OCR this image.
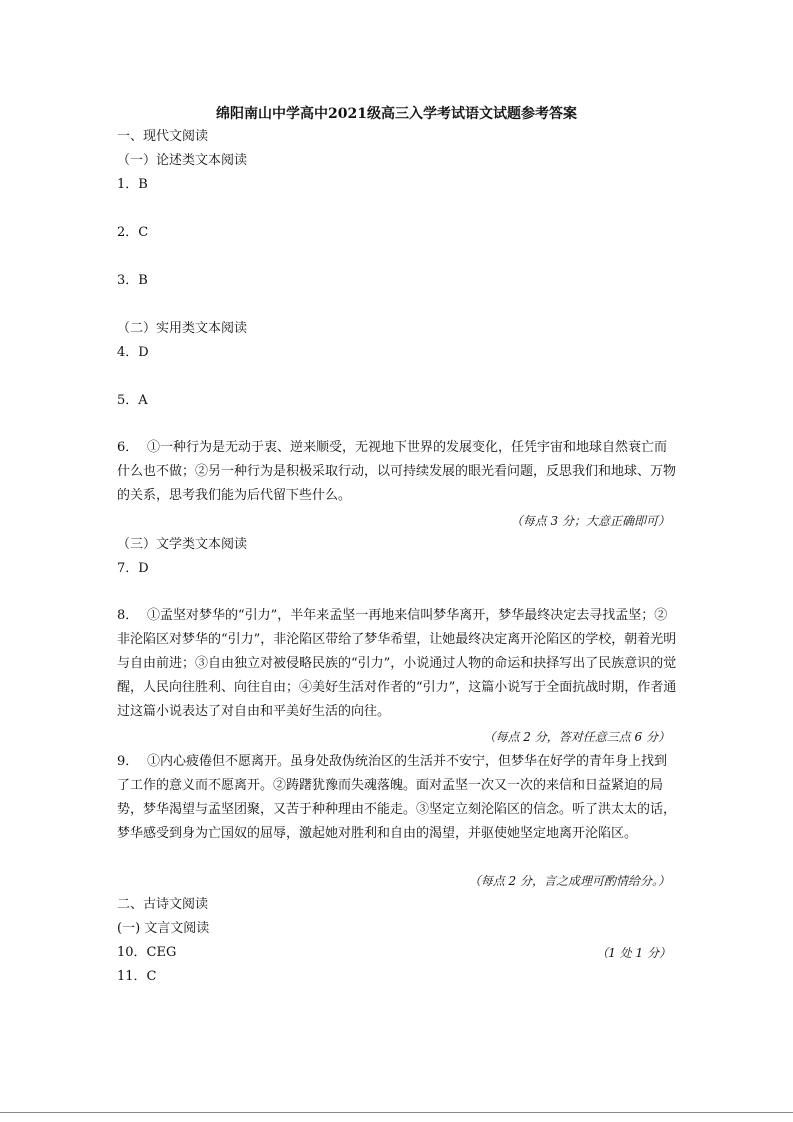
绵阳南山中学高中2021级高三入学考试语文试题参考答案
一、现代文阅读
（一）论述类文本阅读
1．B
2．C
3．B
（二）实用类文本阅读
4．D
5．A
6． ①一种行为是无动于衷、逆来顺受，无视地下世界的发展变化，任凭宇宙和地球自然衰亡而什么也不做；②另一种行为是积极采取行动，以可持续发展的眼光看问题，反思我们和地球、万物的关系，思考我们能为后代留下些什么。
（每点 3 分；大意正确即可）
（三）文学类文本阅读
7．D
8． ①孟坚对梦华的“引力”，半年来孟坚一再地来信叫梦华离开，梦华最终决定去寻找孟坚；②非沦陷区对梦华的“引力”，非沦陷区带给了梦华希望，让她最终决定离开沦陷区的学校，朝着光明与自由前进；③自由独立对被侵略民族的“引力”，小说通过人物的命运和抉择写出了民族意识的觉醒，人民向往胜利、向往自由；④美好生活对作者的“引力”，这篇小说写于全面抗战时期，作者通过这篇小说表达了对自由和平美好生活的向往。
（每点 2 分，答对任意三点 6 分）
9． ①内心疲倦但不愿离开。虽身处敌伪统治区的生活并不安宁，但梦华在好学的青年身上找到了工作的意义而不愿离开。②踌躇犹豫而失魂落魄。面对孟坚一次又一次的来信和日益紧迫的局势，梦华渴望与孟坚团聚，又苦于种种理由不能走。③坚定立刻沦陷区的信念。听了洪太太的话，梦华感受到身为亡国奴的屈辱，激起她对胜利和自由的渴望，并驱使她坚定地离开沦陷区。
（每点 2 分，言之成理可酌情给分。）
二、古诗文阅读
(一) 文言文阅读
10．CEG	（1 处 1 分）
11．C
